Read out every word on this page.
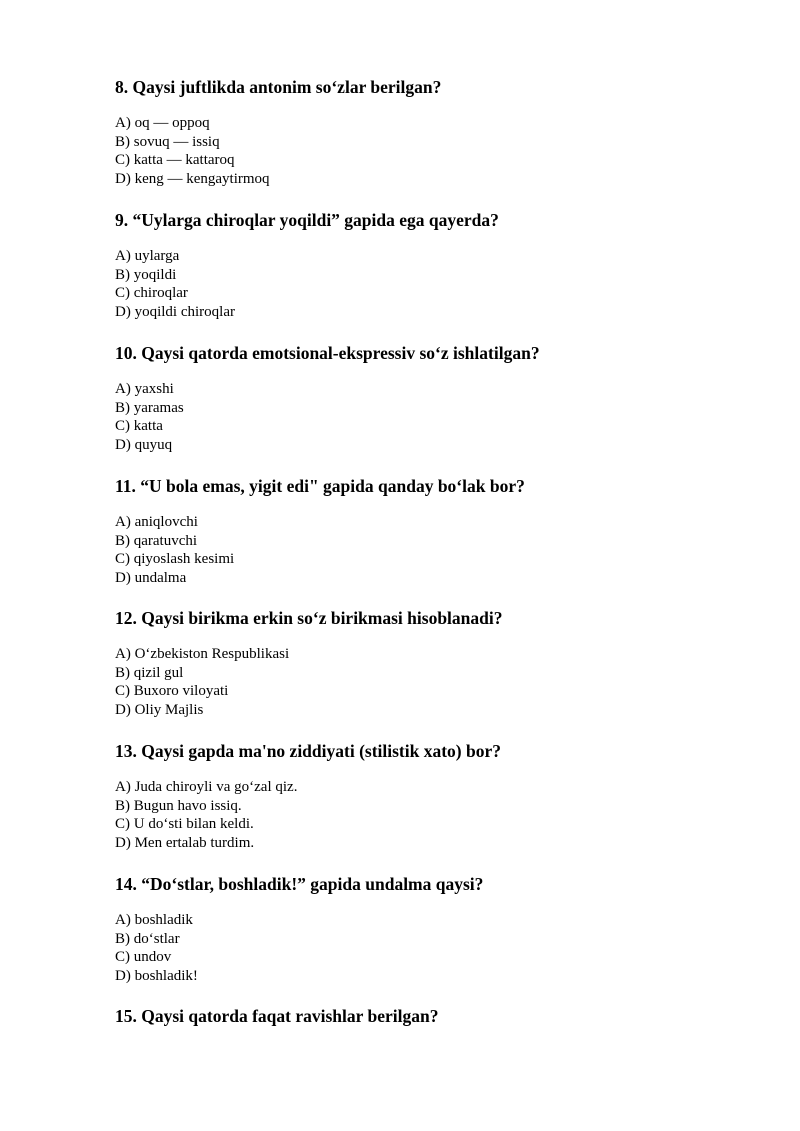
8. Qaysi juftlikda antonim so‘zlar berilgan?

A) oq — oppoq
B) sovuq — issiq
C) katta — kattaroq
D) keng — kengaytirmoq

9. “Uylarga chiroqlar yoqildi” gapida ega qayerda?

A) uylarga
B) yoqildi
C) chiroqlar
D) yoqildi chiroqlar

10. Qaysi qatorda emotsional-ekspressiv so‘z ishlatilgan?

A) yaxshi
B) yaramas
C) katta
D) quyuq

11. “U bola emas, yigit edi" gapida qanday bo‘lak bor?

A) aniqlovchi
B) qaratuvchi
C) qiyoslash kesimi
D) undalma

12. Qaysi birikma erkin so‘z birikmasi hisoblanadi?

A) O‘zbekiston Respublikasi
B) qizil gul
C) Buxoro viloyati
D) Oliy Majlis

13. Qaysi gapda ma'no ziddiyati (stilistik xato) bor?

A) Juda chiroyli va go‘zal qiz.
B) Bugun havo issiq.
C) U do‘sti bilan keldi.
D) Men ertalab turdim.

14. “Do‘stlar, boshladik!” gapida undalma qaysi?

A) boshladik
B) do‘stlar
C) undov
D) boshladik!

15. Qaysi qatorda faqat ravishlar berilgan?
